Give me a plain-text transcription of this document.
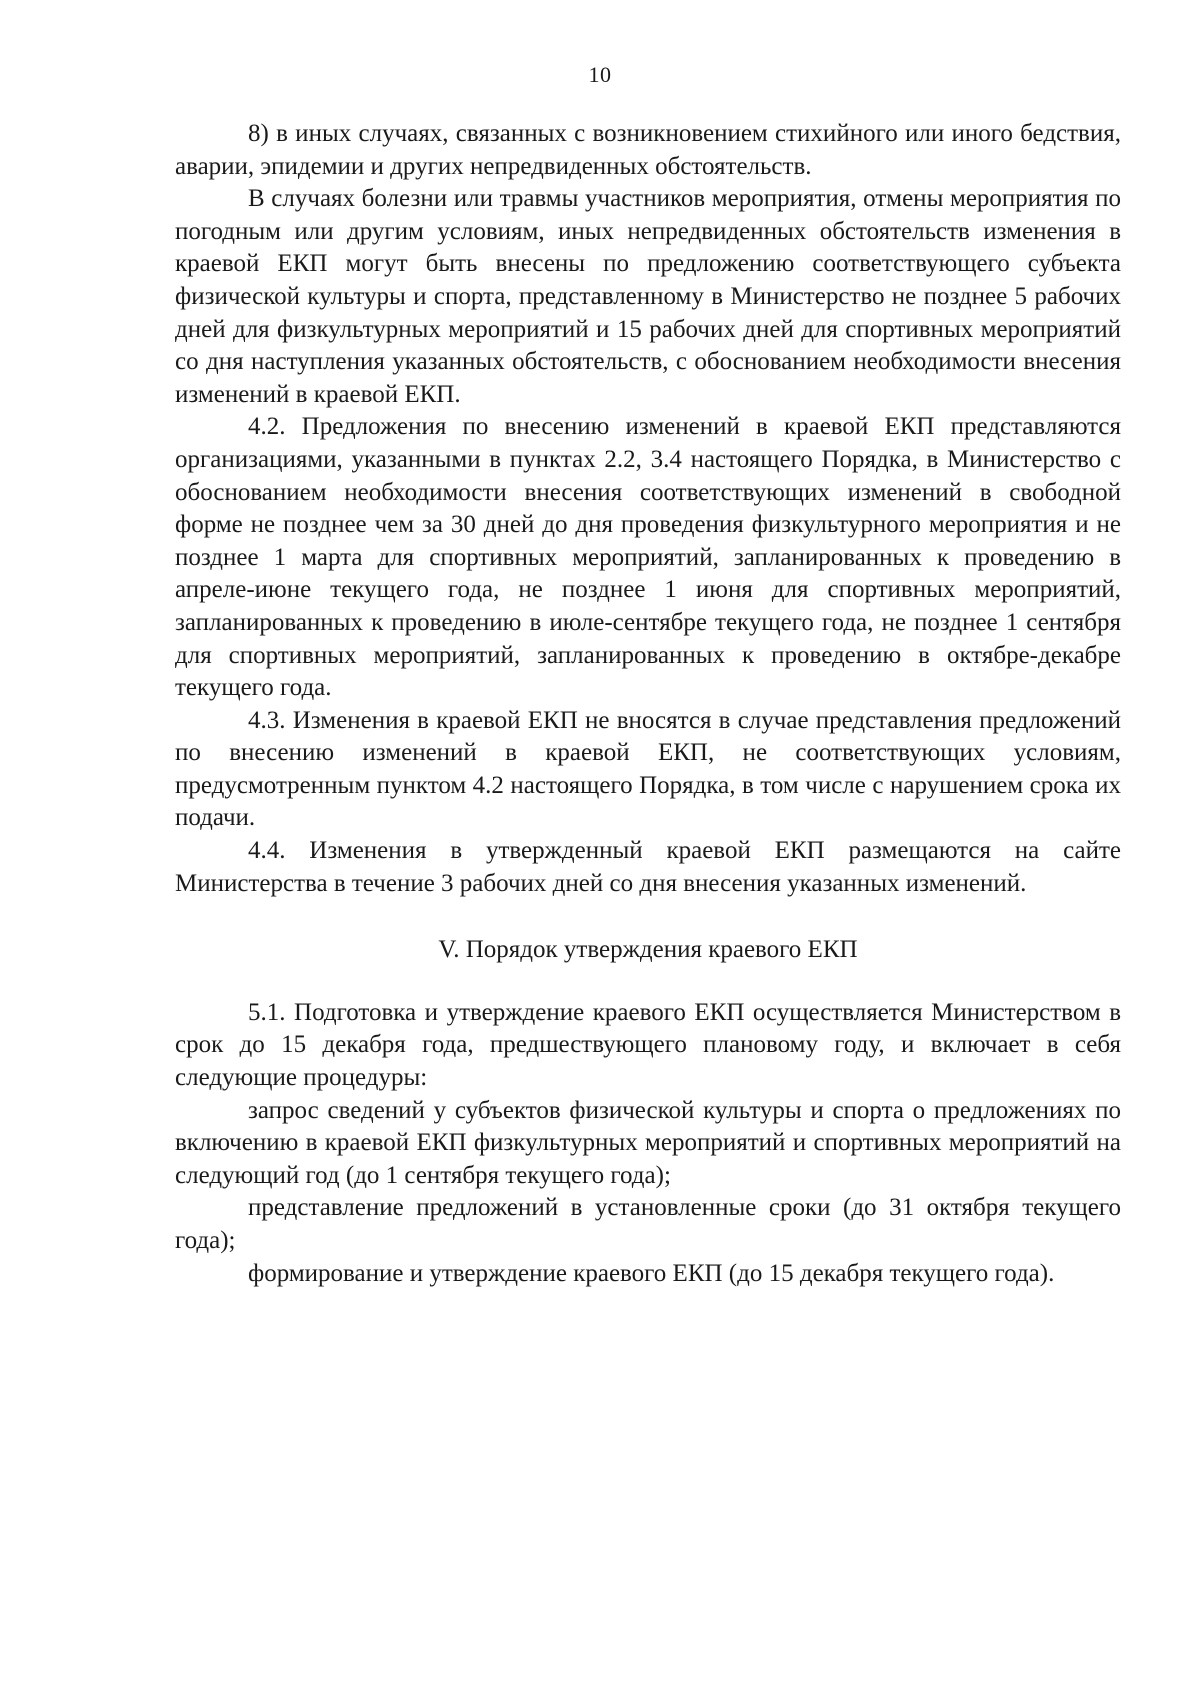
10

8) в иных случаях, связанных с возникновением стихийного или иного бедствия, аварии, эпидемии и других непредвиденных обстоятельств.

В случаях болезни или травмы участников мероприятия, отмены мероприятия по погодным или другим условиям, иных непредвиденных обстоятельств изменения в краевой ЕКП могут быть внесены по предложению соответствующего субъекта физической культуры и спорта, представленному в Министерство не позднее 5 рабочих дней для физкультурных мероприятий и 15 рабочих дней для спортивных мероприятий со дня наступления указанных обстоятельств, с обоснованием необходимости внесения изменений в краевой ЕКП.

4.2. Предложения по внесению изменений в краевой ЕКП представляются организациями, указанными в пунктах 2.2, 3.4 настоящего Порядка, в Министерство с обоснованием необходимости внесения соответствующих изменений в свободной форме не позднее чем за 30 дней до дня проведения физкультурного мероприятия и не позднее 1 марта для спортивных мероприятий, запланированных к проведению в апреле-июне текущего года, не позднее 1 июня для спортивных мероприятий, запланированных к проведению в июле-сентябре текущего года, не позднее 1 сентября для спортивных мероприятий, запланированных к проведению в октябре-декабре текущего года.

4.3. Изменения в краевой ЕКП не вносятся в случае представления предложений по внесению изменений в краевой ЕКП, не соответствующих условиям, предусмотренным пунктом 4.2 настоящего Порядка, в том числе с нарушением срока их подачи.

4.4. Изменения в утвержденный краевой ЕКП размещаются на сайте Министерства в течение 3 рабочих дней со дня внесения указанных изменений.

V. Порядок утверждения краевого ЕКП

5.1. Подготовка и утверждение краевого ЕКП осуществляется Министерством в срок до 15 декабря года, предшествующего плановому году, и включает в себя следующие процедуры:

запрос сведений у субъектов физической культуры и спорта о предложениях по включению в краевой ЕКП физкультурных мероприятий и спортивных мероприятий на следующий год (до 1 сентября текущего года);

представление предложений в установленные сроки (до 31 октября текущего года);

формирование и утверждение краевого ЕКП (до 15 декабря текущего года).
